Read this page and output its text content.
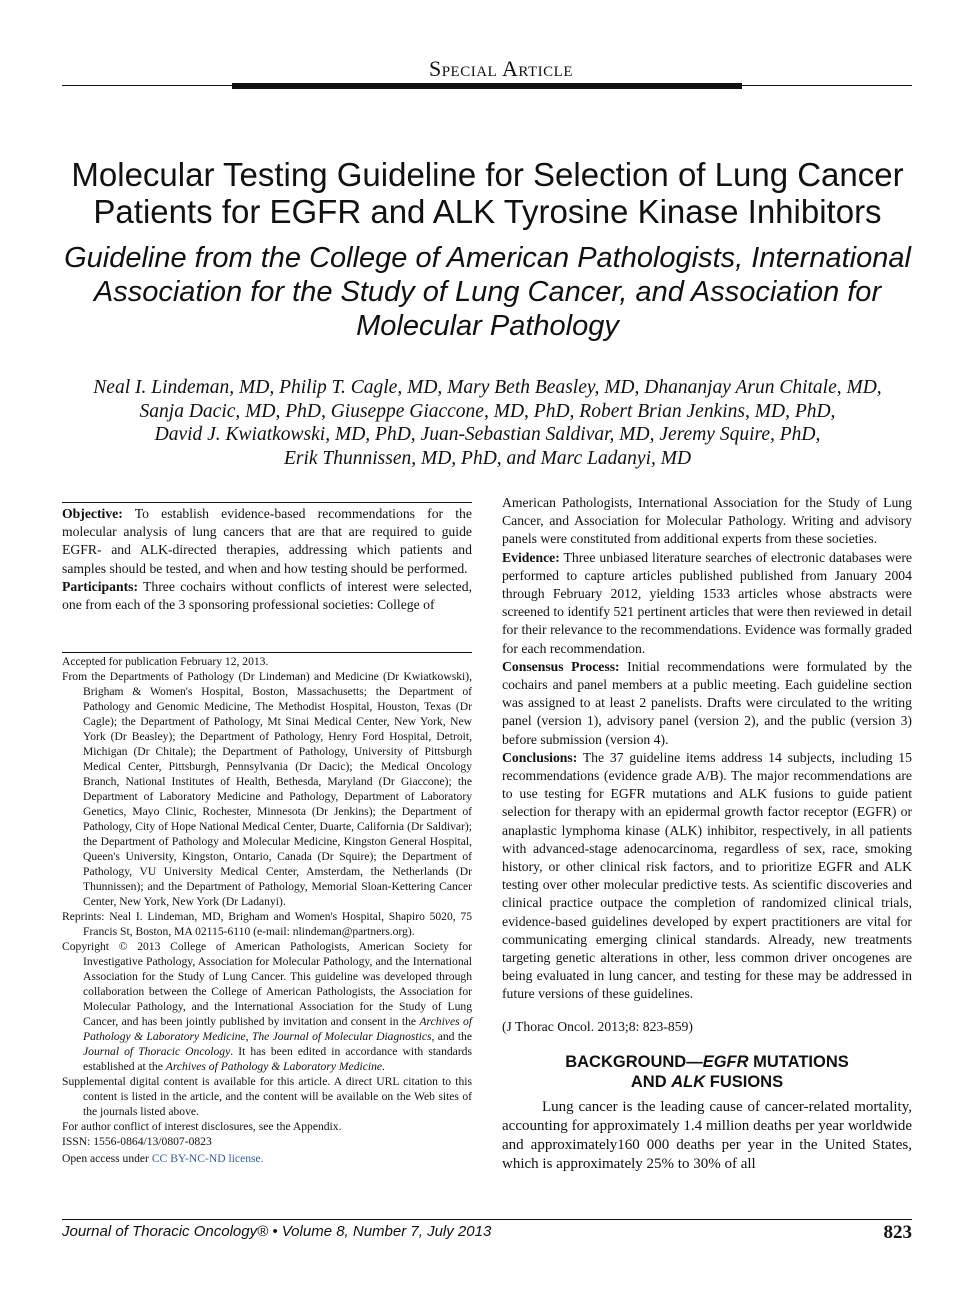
Special Article
Molecular Testing Guideline for Selection of Lung Cancer
Patients for EGFR and ALK Tyrosine Kinase Inhibitors
Guideline from the College of American Pathologists, International
Association for the Study of Lung Cancer, and Association for
Molecular Pathology
Neal I. Lindeman, MD, Philip T. Cagle, MD, Mary Beth Beasley, MD, Dhananjay Arun Chitale, MD,
Sanja Dacic, MD, PhD, Giuseppe Giaccone, MD, PhD, Robert Brian Jenkins, MD, PhD,
David J. Kwiatkowski, MD, PhD, Juan-Sebastian Saldivar, MD, Jeremy Squire, PhD,
Erik Thunnissen, MD, PhD, and Marc Ladanyi, MD

Objective: To establish evidence-based recommendations for the molecular analysis of lung cancers that are that are required to guide EGFR- and ALK-directed therapies, addressing which patients and samples should be tested, and when and how testing should be performed.

Participants: Three cochairs without conflicts of interest were selected, one from each of the 3 sponsoring professional societies: College of

Accepted for publication February 12, 2013.

From the Departments of Pathology (Dr Lindeman) and Medicine (Dr Kwiatkowski), Brigham & Women's Hospital, Boston, Massachusetts; the Department of Pathology and Genomic Medicine, The Methodist Hospital, Houston, Texas (Dr Cagle); the Department of Pathology, Mt Sinai Medical Center, New York, New York (Dr Beasley); the Department of Pathology, Henry Ford Hospital, Detroit, Michigan (Dr Chitale); the Department of Pathology, University of Pittsburgh Medical Center, Pittsburgh, Pennsylvania (Dr Dacic); the Medical Oncology Branch, National Institutes of Health, Bethesda, Maryland (Dr Giaccone); the Department of Laboratory Medicine and Pathology, Department of Laboratory Genetics, Mayo Clinic, Rochester, Minnesota (Dr Jenkins); the Department of Pathology, City of Hope National Medical Center, Duarte, California (Dr Saldivar); the Department of Pathology and Molecular Medicine, Kingston General Hospital, Queen's University, Kingston, Ontario, Canada (Dr Squire); the Department of Pathology, VU University Medical Center, Amsterdam, the Netherlands (Dr Thunnissen); and the Department of Pathology, Memorial Sloan-Kettering Cancer Center, New York, New York (Dr Ladanyi).

Reprints: Neal I. Lindeman, MD, Brigham and Women's Hospital, Shapiro 5020, 75 Francis St, Boston, MA 02115-6110 (e-mail: nlindeman@partners.org).

Copyright © 2013 College of American Pathologists, American Society for Investigative Pathology, Association for Molecular Pathology, and the International Association for the Study of Lung Cancer. This guideline was developed through collaboration between the College of American Pathologists, the Association for Molecular Pathology, and the International Association for the Study of Lung Cancer, and has been jointly published by invitation and consent in the Archives of Pathology & Laboratory Medicine, The Journal of Molecular Diagnostics, and the Journal of Thoracic Oncology. It has been edited in accordance with standards established at the Archives of Pathology & Laboratory Medicine.

Supplemental digital content is available for this article. A direct URL citation to this content is listed in the article, and the content will be available on the Web sites of the journals listed above.

For author conflict of interest disclosures, see the Appendix.

ISSN: 1556-0864/13/0807-0823

Open access under CC BY-NC-ND license.

American Pathologists, International Association for the Study of Lung Cancer, and Association for Molecular Pathology. Writing and advisory panels were constituted from additional experts from these societies.

Evidence: Three unbiased literature searches of electronic databases were performed to capture articles published published from January 2004 through February 2012, yielding 1533 articles whose abstracts were screened to identify 521 pertinent articles that were then reviewed in detail for their relevance to the recommendations. Evidence was formally graded for each recommendation.

Consensus Process: Initial recommendations were formulated by the cochairs and panel members at a public meeting. Each guideline section was assigned to at least 2 panelists. Drafts were circulated to the writing panel (version 1), advisory panel (version 2), and the public (version 3) before submission (version 4).

Conclusions: The 37 guideline items address 14 subjects, including 15 recommendations (evidence grade A/B). The major recommendations are to use testing for EGFR mutations and ALK fusions to guide patient selection for therapy with an epidermal growth factor receptor (EGFR) or anaplastic lymphoma kinase (ALK) inhibitor, respectively, in all patients with advanced-stage adenocarcinoma, regardless of sex, race, smoking history, or other clinical risk factors, and to prioritize EGFR and ALK testing over other molecular predictive tests. As scientific discoveries and clinical practice outpace the completion of randomized clinical trials, evidence-based guidelines developed by expert practitioners are vital for communicating emerging clinical standards. Already, new treatments targeting genetic alterations in other, less common driver oncogenes are being evaluated in lung cancer, and testing for these may be addressed in future versions of these guidelines.

(J Thorac Oncol. 2013;8: 823-859)

BACKGROUND—EGFR MUTATIONS
AND ALK FUSIONS

Lung cancer is the leading cause of cancer-related mortality, accounting for approximately 1.4 million deaths per year worldwide and approximately160 000 deaths per year in the United States, which is approximately 25% to 30% of all

Journal of Thoracic Oncology® • Volume 8, Number 7, July 2013	823
